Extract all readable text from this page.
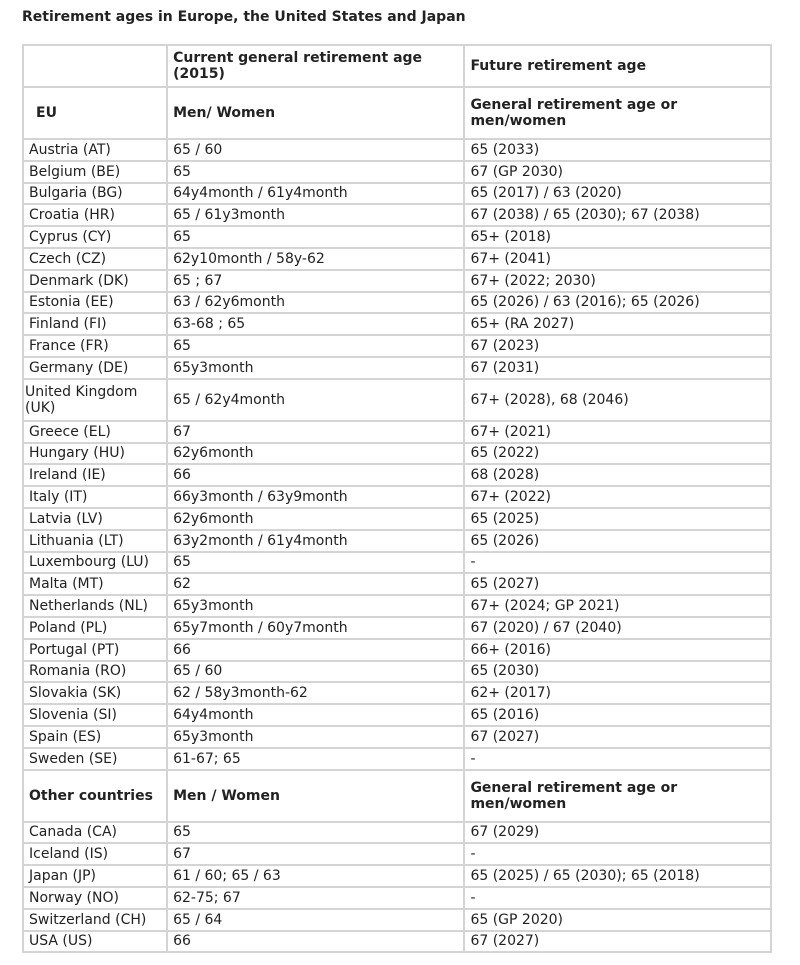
Retirement ages in Europe, the United States and Japan
	Current general retirement age (2015)	Future retirement age
EU	Men/ Women	General retirement age or men/women
Austria (AT)	65 / 60	65 (2033)
Belgium (BE)	65	67 (GP 2030)
Bulgaria (BG)	64y4month / 61y4month	65 (2017) / 63 (2020)
Croatia (HR)	65 / 61y3month	67 (2038) / 65 (2030); 67 (2038)
Cyprus (CY)	65	65+ (2018)
Czech (CZ)	62y10month / 58y-62	67+ (2041)
Denmark (DK)	65 ; 67	67+ (2022; 2030)
Estonia (EE)	63 / 62y6month	65 (2026) / 63 (2016); 65 (2026)
Finland (FI)	63-68 ; 65	65+ (RA 2027)
France (FR)	65	67 (2023)
Germany (DE)	65y3month	67 (2031)
United Kingdom (UK)	65 / 62y4month	67+ (2028), 68 (2046)
Greece (EL)	67	67+ (2021)
Hungary (HU)	62y6month	65 (2022)
Ireland (IE)	66	68 (2028)
Italy (IT)	66y3month / 63y9month	67+ (2022)
Latvia (LV)	62y6month	65 (2025)
Lithuania (LT)	63y2month / 61y4month	65 (2026)
Luxembourg (LU)	65	-
Malta (MT)	62	65 (2027)
Netherlands (NL)	65y3month	67+ (2024; GP 2021)
Poland (PL)	65y7month / 60y7month	67 (2020) / 67 (2040)
Portugal (PT)	66	66+ (2016)
Romania (RO)	65 / 60	65 (2030)
Slovakia (SK)	62 / 58y3month-62	62+ (2017)
Slovenia (SI)	64y4month	65 (2016)
Spain (ES)	65y3month	67 (2027)
Sweden (SE)	61-67; 65	-
Other countries	Men / Women	General retirement age or men/women
Canada (CA)	65	67 (2029)
Iceland (IS)	67	-
Japan (JP)	61 / 60; 65 / 63	65 (2025) / 65 (2030); 65 (2018)
Norway (NO)	62-75; 67	-
Switzerland (CH)	65 / 64	65 (GP 2020)
USA (US)	66	67 (2027)
